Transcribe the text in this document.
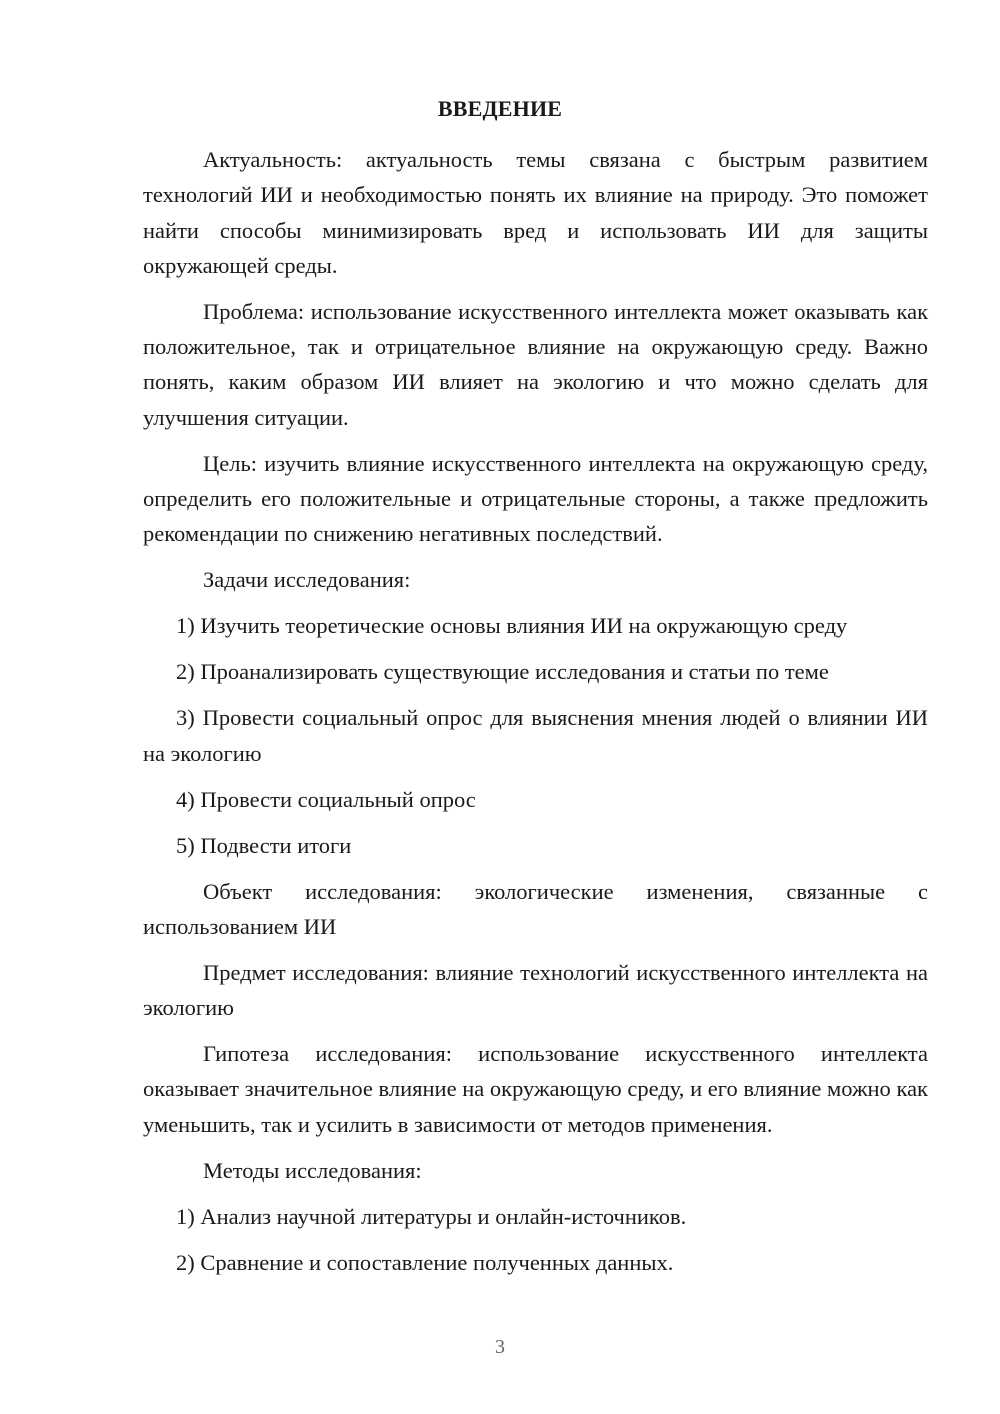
ВВЕДЕНИЕ

Актуальность: актуальность темы связана с быстрым развитием технологий ИИ и необходимостью понять их влияние на природу. Это поможет найти способы минимизировать вред и использовать ИИ для защиты окружающей среды.

Проблема: использование искусственного интеллекта может оказывать как положительное, так и отрицательное влияние на окружающую среду. Важно понять, каким образом ИИ влияет на экологию и что можно сделать для улучшения ситуации.

Цель: изучить влияние искусственного интеллекта на окружающую среду, определить его положительные и отрицательные стороны, а также предложить рекомендации по снижению негативных последствий.

Задачи исследования:

1) Изучить теоретические основы влияния ИИ на окружающую среду

2) Проанализировать существующие исследования и статьи по теме

3) Провести социальный опрос для выяснения мнения людей о влиянии ИИ на экологию

4) Провести социальный опрос

5) Подвести итоги

Объект исследования: экологические изменения, связанные с использованием ИИ

Предмет исследования: влияние технологий искусственного интеллекта на экологию

Гипотеза исследования: использование искусственного интеллекта оказывает значительное влияние на окружающую среду, и его влияние можно как уменьшить, так и усилить в зависимости от методов применения.

Методы исследования:

1) Анализ научной литературы и онлайн-источников.

2) Сравнение и сопоставление полученных данных.

3
